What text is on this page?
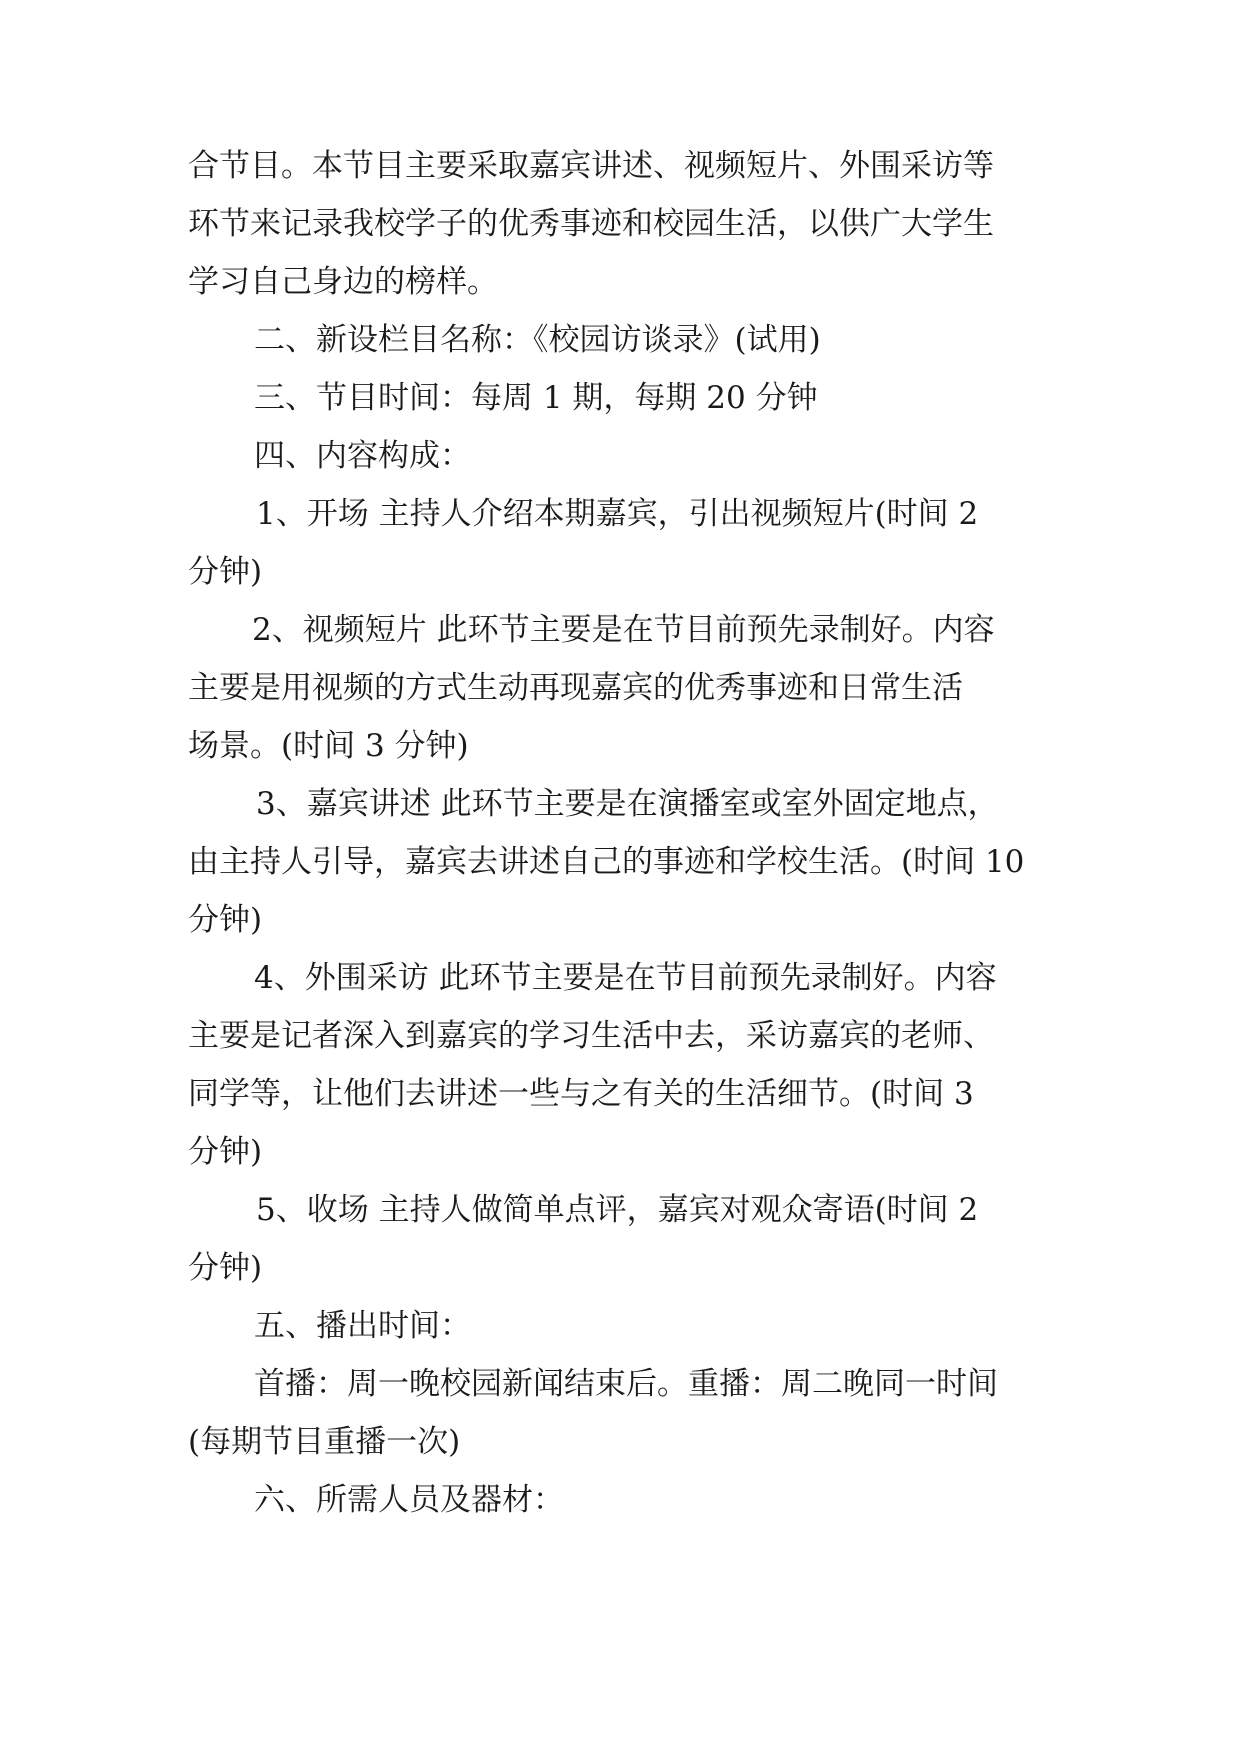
合节目。本节目主要采取嘉宾讲述、视频短片、外围采访等

环节来记录我校学子的优秀事迹和校园生活，以供广大学生

学习自己身边的榜样。

二、新设栏目名称：《校园访谈录》(试用)

三、节目时间：每周 1 期，每期 20 分钟

四、内容构成：

1、开场 主持人介绍本期嘉宾，引出视频短片(时间 2

分钟)

2、视频短片 此环节主要是在节目前预先录制好。内容

主要是用视频的方式生动再现嘉宾的优秀事迹和日常生活

场景。(时间 3 分钟)

3、嘉宾讲述 此环节主要是在演播室或室外固定地点，

由主持人引导，嘉宾去讲述自己的事迹和学校生活。(时间 10

分钟)

4、外围采访 此环节主要是在节目前预先录制好。内容

主要是记者深入到嘉宾的学习生活中去，采访嘉宾的老师、

同学等，让他们去讲述一些与之有关的生活细节。(时间 3

分钟)

5、收场 主持人做简单点评，嘉宾对观众寄语(时间 2

分钟)

五、播出时间：

首播：周一晚校园新闻结束后。重播：周二晚同一时间

(每期节目重播一次)

六、所需人员及器材：
